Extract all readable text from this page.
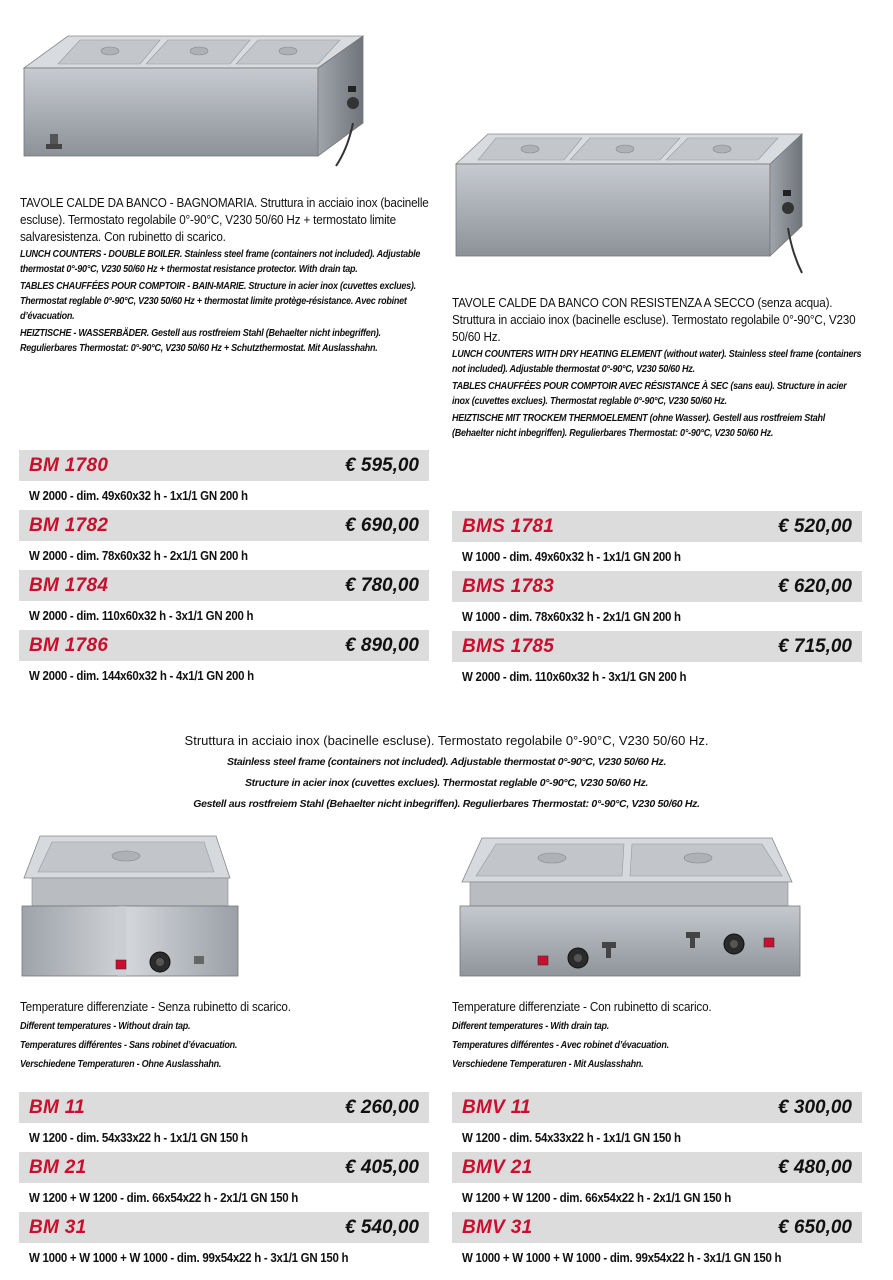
TAVOLE CALDE DA BANCO - BAGNOMARIA. Struttura in acciaio inox (bacinelle escluse). Termostato regolabile 0°-90°C, V230 50/60 Hz + termostato limite salvaresistenza. Con rubinetto di scarico.
LUNCH COUNTERS - DOUBLE BOILER. Stainless steel frame (containers not included). Adjustable thermostat 0°-90°C, V230 50/60 Hz + thermostat resistance protector. With drain tap.
TABLES CHAUFFÉES POUR COMPTOIR - BAIN-MARIE. Structure in acier inox (cuvettes exclues). Thermostat reglable 0°-90°C, V230 50/60 Hz + thermostat limite protège-résistance. Avec robinet d’évacuation.
HEIZTISCHE - WASSERBÄDER. Gestell aus rostfreiem Stahl (Behaelter nicht inbegriffen). Regulierbares Thermostat: 0°-90°C, V230 50/60 Hz + Schutzthermostat. Mit Auslasshahn.
BM 1780	€ 595,00
W 2000 - dim. 49x60x32 h - 1x1/1 GN 200 h
BM 1782	€ 690,00
W 2000 - dim. 78x60x32 h - 2x1/1 GN 200 h
BM 1784	€ 780,00
W 2000 - dim. 110x60x32 h - 3x1/1 GN 200 h
BM 1786	€ 890,00
W 2000 - dim. 144x60x32 h - 4x1/1 GN 200 h
TAVOLE CALDE DA BANCO CON RESISTENZA A SECCO (senza acqua). Struttura in acciaio inox (bacinelle escluse). Termostato regolabile 0°-90°C, V230 50/60 Hz.
LUNCH COUNTERS WITH DRY HEATING ELEMENT (without water). Stainless steel frame (containers not included). Adjustable thermostat 0°-90°C, V230 50/60 Hz.
TABLES CHAUFFÉES POUR COMPTOIR AVEC RÉSISTANCE À SEC (sans eau). Structure in acier inox (cuvettes exclues). Thermostat reglable 0°-90°C, V230 50/60 Hz.
HEIZTISCHE MIT TROCKEM THERMOELEMENT (ohne Wasser). Gestell aus rostfreiem Stahl (Behaelter nicht inbegriffen). Regulierbares Thermostat: 0°-90°C, V230 50/60 Hz.
BMS 1781	€ 520,00
W 1000 - dim. 49x60x32 h - 1x1/1 GN 200 h
BMS 1783	€ 620,00
W 1000 - dim. 78x60x32 h - 2x1/1 GN 200 h
BMS 1785	€ 715,00
W 2000 - dim. 110x60x32 h - 3x1/1 GN 200 h
Struttura in acciaio inox (bacinelle escluse). Termostato regolabile 0°-90°C, V230 50/60 Hz.
Stainless steel frame (containers not included). Adjustable thermostat 0°-90°C, V230 50/60 Hz.
Structure in acier inox (cuvettes exclues). Thermostat reglable 0°-90°C, V230 50/60 Hz.
Gestell aus rostfreiem Stahl (Behaelter nicht inbegriffen). Regulierbares Thermostat: 0°-90°C, V230 50/60 Hz.
Temperature differenziate - Senza rubinetto di scarico.
Different temperatures - Without drain tap.
Temperatures différentes - Sans robinet d’évacuation.
Verschiedene Temperaturen - Ohne Auslasshahn.
BM 11	€ 260,00
W 1200 - dim. 54x33x22 h - 1x1/1 GN 150 h
BM 21	€ 405,00
W 1200 + W 1200 - dim. 66x54x22 h - 2x1/1 GN 150 h
BM 31	€ 540,00
W 1000 + W 1000 + W 1000 - dim. 99x54x22 h - 3x1/1 GN 150 h
Temperature differenziate - Con rubinetto di scarico.
Different temperatures - With drain tap.
Temperatures différentes - Avec robinet d’évacuation.
Verschiedene Temperaturen - Mit Auslasshahn.
BMV 11	€ 300,00
W 1200 - dim. 54x33x22 h - 1x1/1 GN 150 h
BMV 21	€ 480,00
W 1200 + W 1200 - dim. 66x54x22 h - 2x1/1 GN 150 h
BMV 31	€ 650,00
W 1000 + W 1000 + W 1000 - dim. 99x54x22 h - 3x1/1 GN 150 h
